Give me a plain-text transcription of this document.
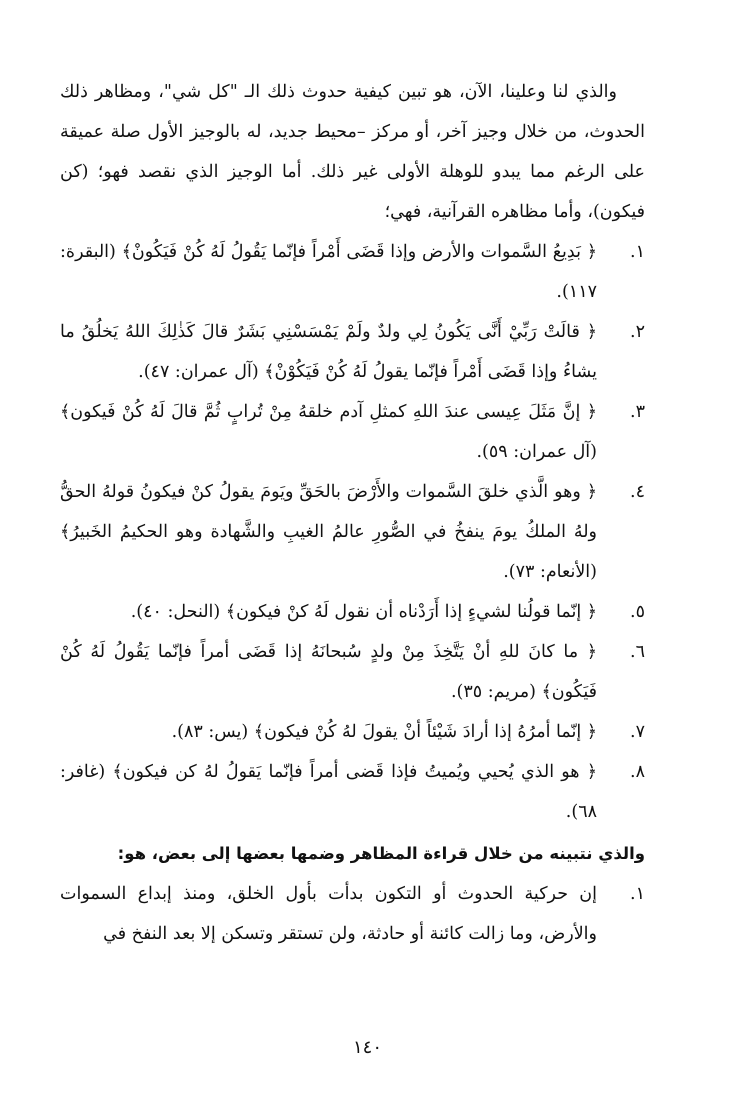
والذي لنا وعلينا، الآن، هو تبين كيفية حدوث ذلك الـ "كل شي"، ومظاهر ذلك الحدوث، من خلال وجيز آخر، أو مركز –محيط جديد، له بالوجيز الأول صلة عميقة على الرغم مما يبدو للوهلة الأولى غير ذلك. أما الوجيز الذي نقصد فهو؛ (كن فيكون)، وأما مظاهره القرآنية، فهي؛

١.
﴿ بَدِيعُ السَّموات والأرض وإذا قَضَى أَمْراً فإنّما يَقُولُ لَهُ كُنْ فَيَكُونْ﴾ (البقرة: ١١٧).
٢.
﴿ قالَتْ رَبِّيْ أَنَّى يَكُونُ لِي ولدٌ ولَمْ يَمْسَسْنِي بَشَرٌ قالَ كَذٰلِكَ اللهُ يَخلُقُ ما يشاءُ وإذا قَضَى أَمْراً فإنّما يقولُ لَهُ كُنْ فَيَكُوْنْ﴾ (آل عمران: ٤٧).
٣.
﴿ إنَّ مَثَلَ عِيسى عندَ اللهِ كمثلِ آدم خلقهُ مِنْ تُرابٍ ثُمَّ قالَ لَهُ كُنْ فَيكون﴾ (آل عمران: ٥٩).
٤.
﴿ وهو الَّذي خلقَ السَّموات والأَرْضَ بالحَقِّ ويَومَ يقولُ كنْ فيكونُ قولهُ الحقُّ ولهُ الملكُ يومَ ينفخُ في الصُّورِ عالمُ الغيبِ والشَّهادة وهو الحكيمُ الخَبيرُ﴾ (الأنعام: ٧٣).
٥.
﴿ إنّما قولُنا لشيءٍ إذا أَرَدْناه أن نقول لَهُ كنْ فيكون﴾ (النحل: ٤٠).
٦.
﴿ ما كانَ للهِ أنْ يَتَّخِذَ مِنْ ولدٍ سُبحانَهُ إذا قَضَى أمراً فإنّما يَقُولُ لَهُ كُنْ فَيَكُون﴾ (مريم: ٣٥).
٧.
﴿ إنّما أمرُهُ إذا أرادَ شَيْئاً أنْ يقولَ لهُ كُنْ فيكون﴾ (يس: ٨٣).
٨.
﴿ هو الذي يُحيي ويُميتُ فإذا قَضى أمراً فإنّما يَقولُ لهُ كن فيكون﴾ (غافر: ٦٨).

والذي نتبينه من خلال قراءة المظاهر وضمها بعضها إلى بعض، هو:

١.
إن حركية الحدوث أو التكون بدأت بأول الخلق، ومنذ إبداع السموات والأرض، وما زالت كائنة أو حادثة، ولن تستقر وتسكن إلا بعد النفخ في
١٤٠
